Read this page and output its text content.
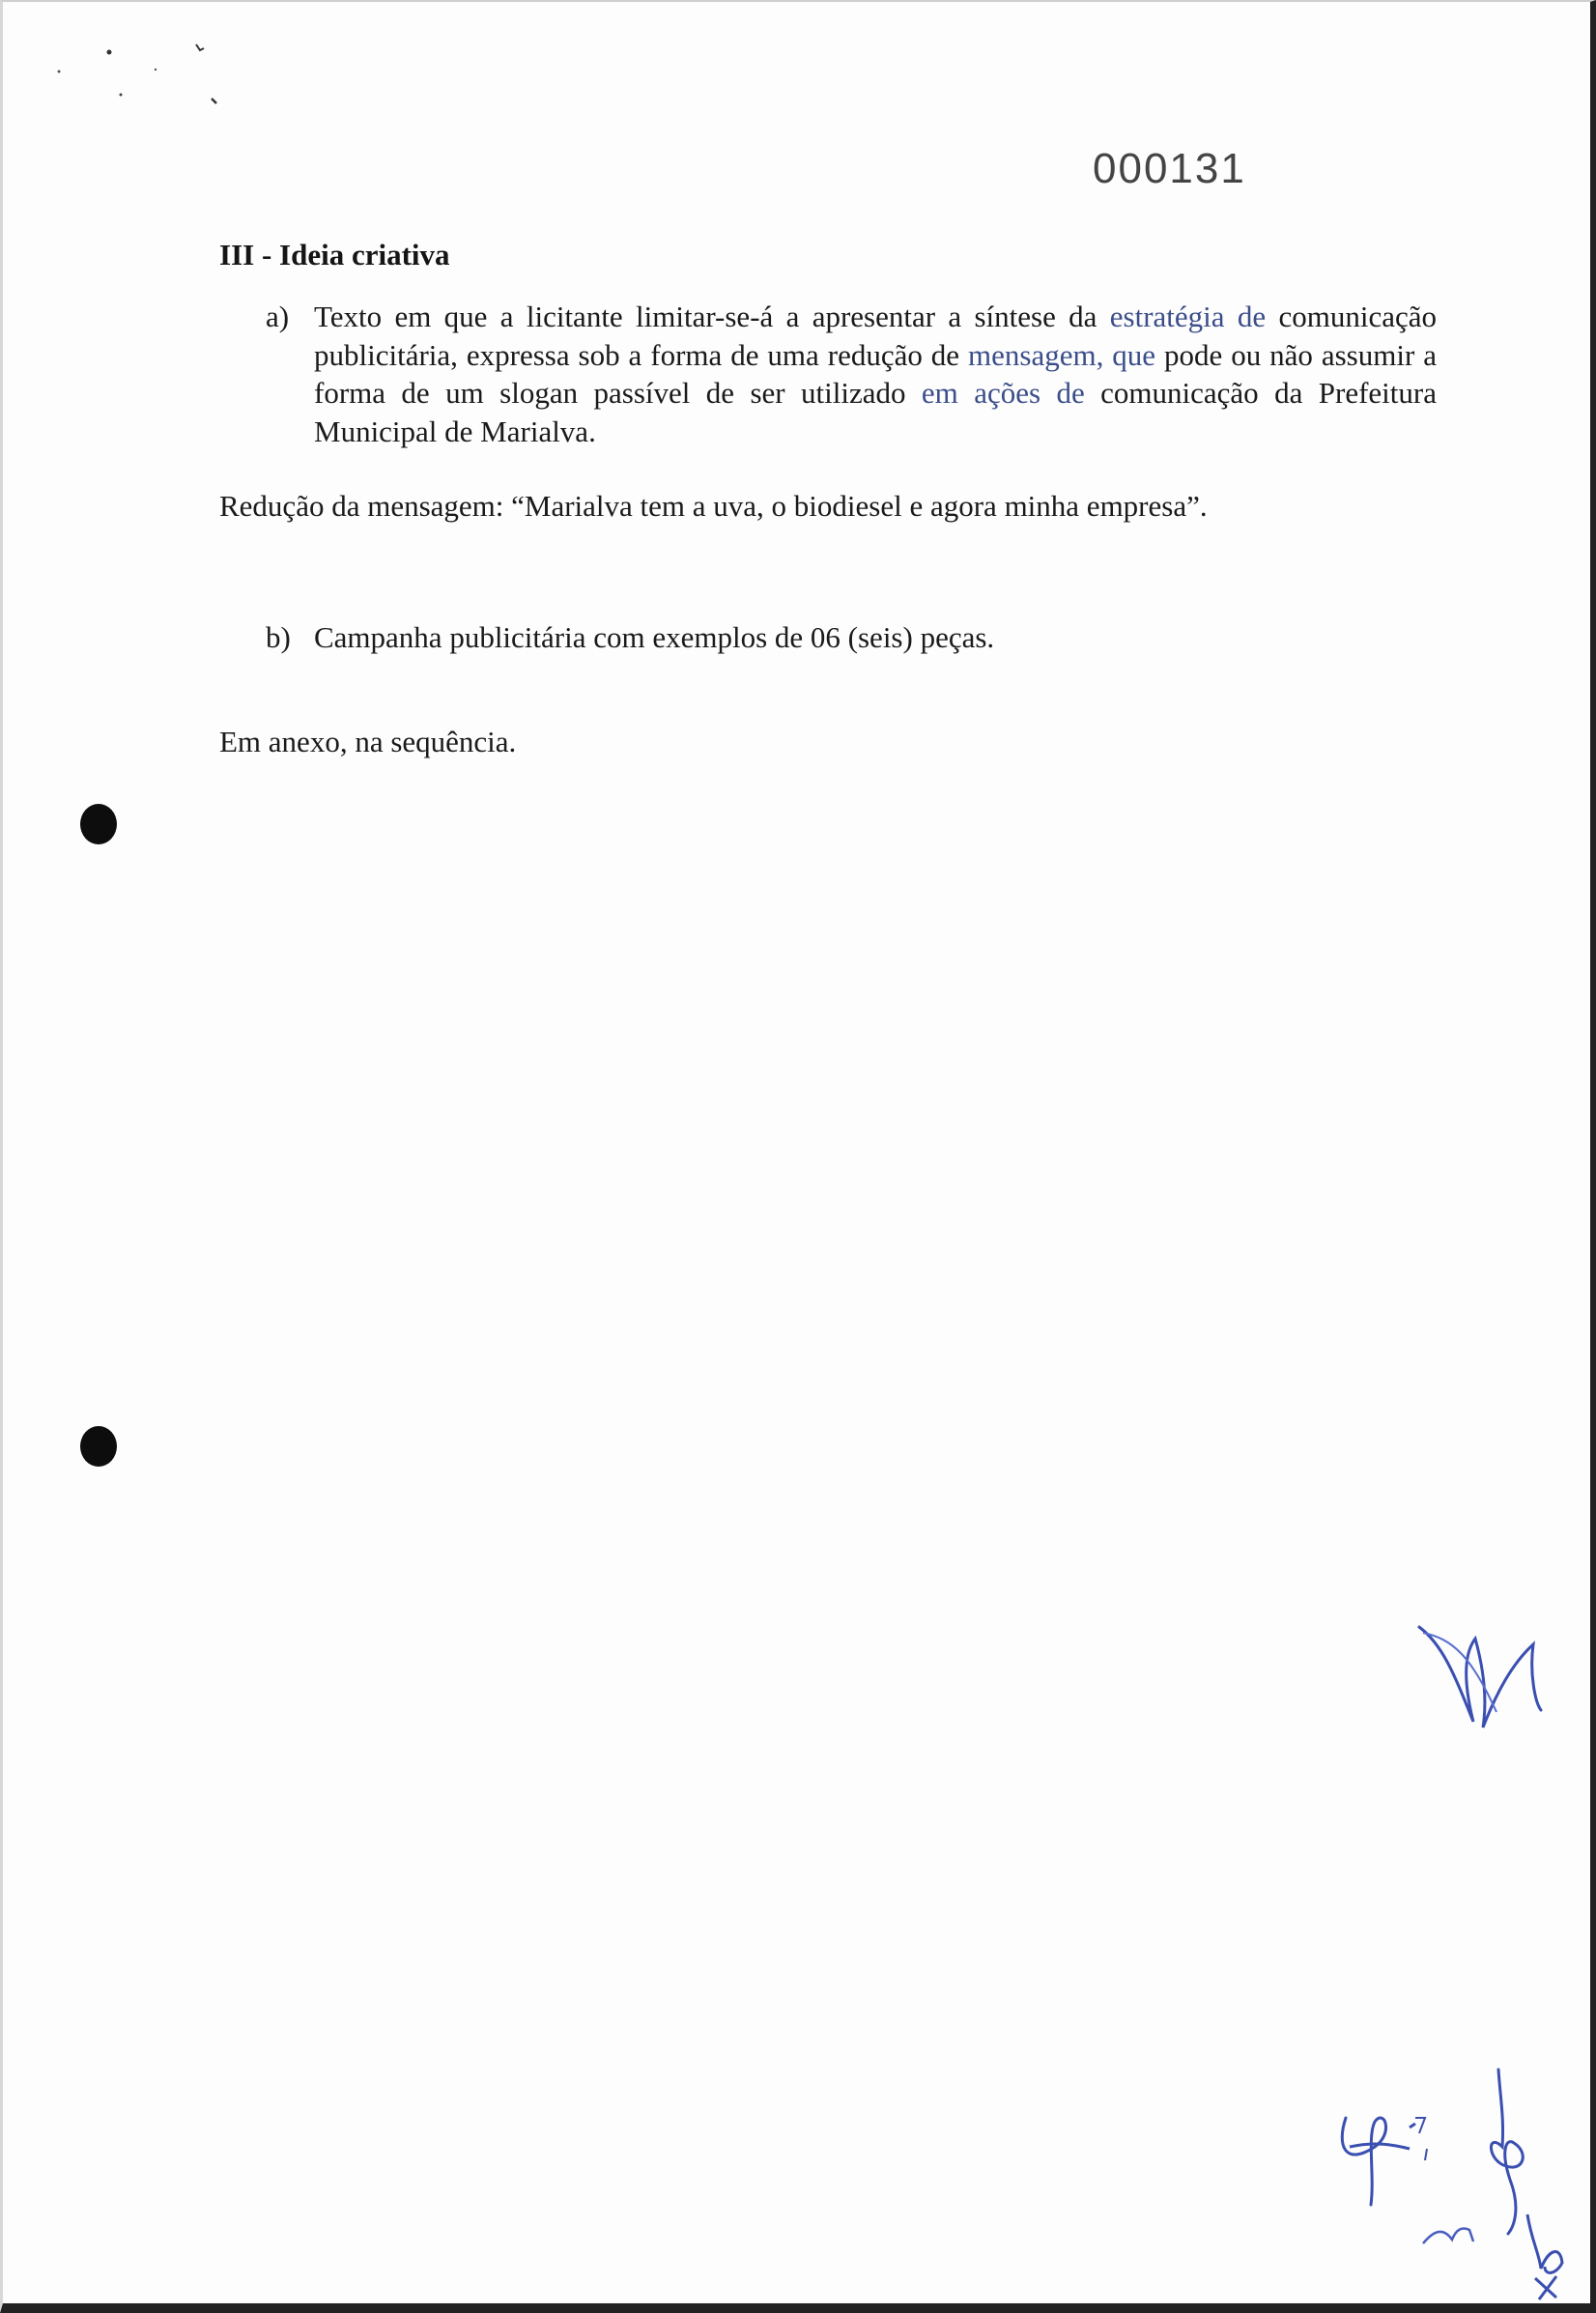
000131
III - Ideia criativa
a) Texto em que a licitante limitar-se-á a apresentar a síntese da estratégia de comunicação publicitária, expressa sob a forma de uma redução de mensagem, que pode ou não assumir a forma de um slogan passível de ser utilizado em ações de comunicação da Prefeitura Municipal de Marialva.
Redução da mensagem: “Marialva tem a uva, o biodiesel e agora minha empresa”.
b) Campanha publicitária com exemplos de 06 (seis) peças.
Em anexo, na sequência.
